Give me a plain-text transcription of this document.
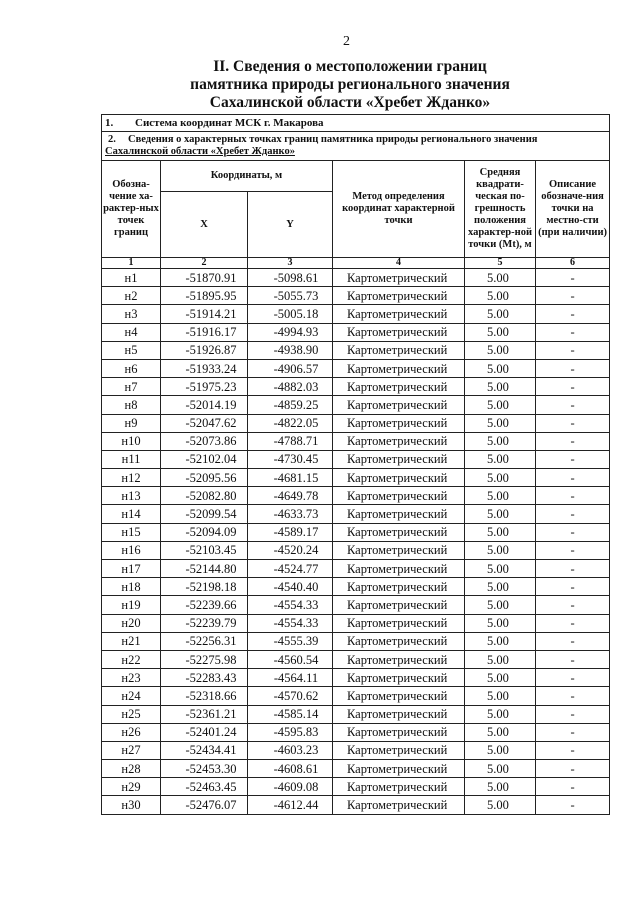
2
II. Сведения о местоположении границ
памятника природы регионального значения
Сахалинской области «Хребет Жданко»
1. Система координат МСК г. Макарова					

2. Сведения о характерных точках границ памятника природы регионального значения
Сахалинской области «Хребет Жданко»					

Обозна-чение ха-рактер-ных точек границ	Координаты, м		Метод определения координат характерной точки	Средняя квадрати-ческая по-грешность положения характер-ной точки (Mt), м	Описание обозначе-ния точки на местно-сти (при наличии)
	X	Y			
1	2	3	4	5	6
н1	-51870.91	-5098.61	Картометрический	5.00	-
н2	-51895.95	-5055.73	Картометрический	5.00	-
н3	-51914.21	-5005.18	Картометрический	5.00	-
н4	-51916.17	-4994.93	Картометрический	5.00	-
н5	-51926.87	-4938.90	Картометрический	5.00	-
н6	-51933.24	-4906.57	Картометрический	5.00	-
н7	-51975.23	-4882.03	Картометрический	5.00	-
н8	-52014.19	-4859.25	Картометрический	5.00	-
н9	-52047.62	-4822.05	Картометрический	5.00	-
н10	-52073.86	-4788.71	Картометрический	5.00	-
н11	-52102.04	-4730.45	Картометрический	5.00	-
н12	-52095.56	-4681.15	Картометрический	5.00	-
н13	-52082.80	-4649.78	Картометрический	5.00	-
н14	-52099.54	-4633.73	Картометрический	5.00	-
н15	-52094.09	-4589.17	Картометрический	5.00	-
н16	-52103.45	-4520.24	Картометрический	5.00	-
н17	-52144.80	-4524.77	Картометрический	5.00	-
н18	-52198.18	-4540.40	Картометрический	5.00	-
н19	-52239.66	-4554.33	Картометрический	5.00	-
н20	-52239.79	-4554.33	Картометрический	5.00	-
н21	-52256.31	-4555.39	Картометрический	5.00	-
н22	-52275.98	-4560.54	Картометрический	5.00	-
н23	-52283.43	-4564.11	Картометрический	5.00	-
н24	-52318.66	-4570.62	Картометрический	5.00	-
н25	-52361.21	-4585.14	Картометрический	5.00	-
н26	-52401.24	-4595.83	Картометрический	5.00	-
н27	-52434.41	-4603.23	Картометрический	5.00	-
н28	-52453.30	-4608.61	Картометрический	5.00	-
н29	-52463.45	-4609.08	Картометрический	5.00	-
н30	-52476.07	-4612.44	Картометрический	5.00	-
